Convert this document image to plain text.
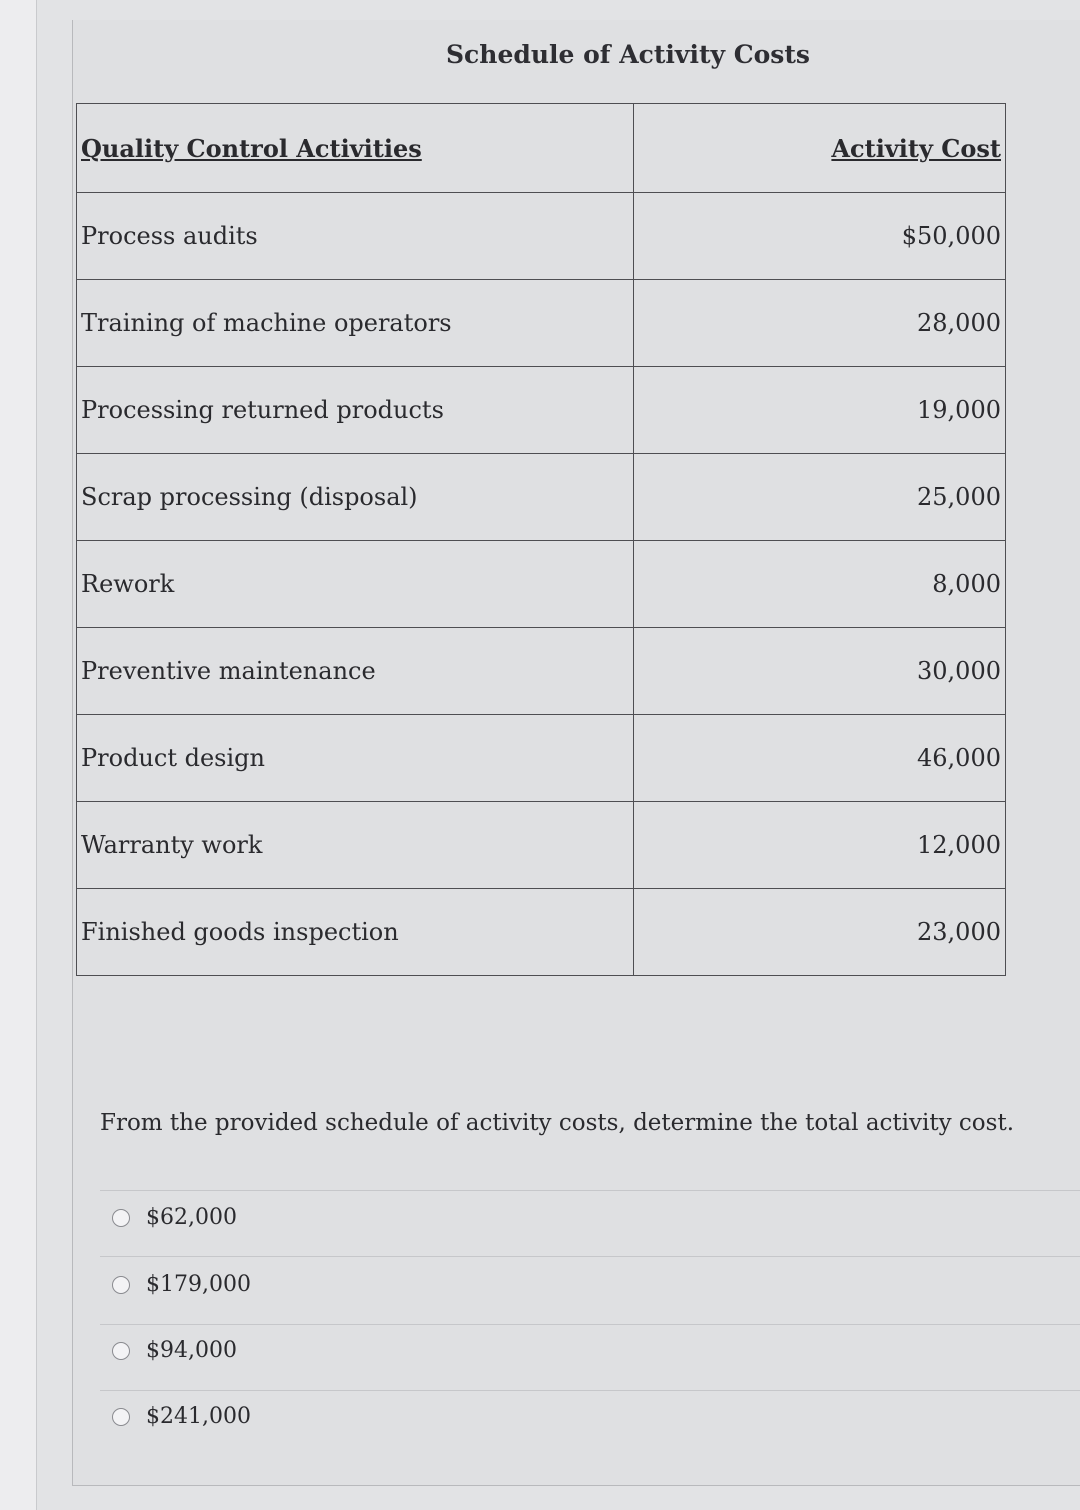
Schedule of Activity Costs
Quality Control Activities	Activity Cost
Process audits	$50,000
Training of machine operators	28,000
Processing returned products	19,000
Scrap processing (disposal)	25,000
Rework	8,000
Preventive maintenance	30,000
Product design	46,000
Warranty work	12,000
Finished goods inspection	23,000
From the provided schedule of activity costs, determine the total activity cost.
$62,000
$179,000
$94,000
$241,000
